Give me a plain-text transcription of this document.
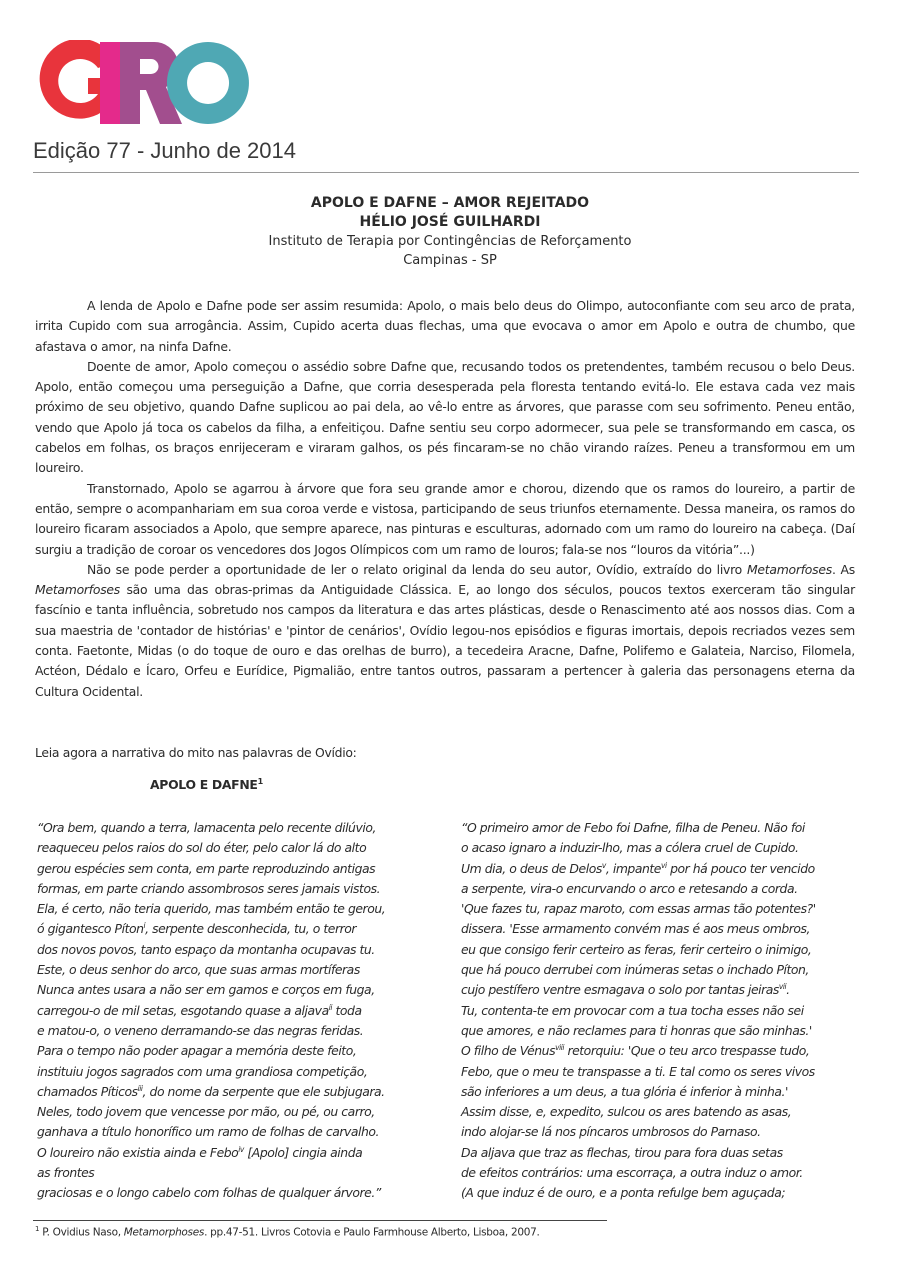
Edição 77 - Junho de 2014
APOLO E DAFNE – AMOR REJEITADO
HÉLIO JOSÉ GUILHARDI
Instituto de Terapia por Contingências de Reforçamento
Campinas - SP

A lenda de Apolo e Dafne pode ser assim resumida: Apolo, o mais belo deus do Olimpo, autoconfiante com seu arco de prata, irrita Cupido com sua arrogância. Assim, Cupido acerta duas flechas, uma que evocava o amor em Apolo e outra de chumbo, que afastava o amor, na ninfa Dafne.

Doente de amor, Apolo começou o assédio sobre Dafne que, recusando todos os pretendentes, também recusou o belo Deus. Apolo, então começou uma perseguição a Dafne, que corria desesperada pela floresta tentando evitá-lo. Ele estava cada vez mais próximo de seu objetivo, quando Dafne suplicou ao pai dela, ao vê-lo entre as árvores, que parasse com seu sofrimento. Peneu então, vendo que Apolo já toca os cabelos da filha, a enfeitiçou. Dafne sentiu seu corpo adormecer, sua pele se transformando em casca, os cabelos em folhas, os braços enrijeceram e viraram galhos, os pés fincaram-se no chão virando raízes. Peneu a transformou em um loureiro.

Transtornado, Apolo se agarrou à árvore que fora seu grande amor e chorou, dizendo que os ramos do loureiro, a partir de então, sempre o acompanhariam em sua coroa verde e vistosa, participando de seus triunfos eternamente. Dessa maneira, os ramos do loureiro ficaram associados a Apolo, que sempre aparece, nas pinturas e esculturas, adornado com um ramo do loureiro na cabeça. (Daí surgiu a tradição de coroar os vencedores dos Jogos Olímpicos com um ramo de louros; fala-se nos “louros da vitória”...)

Não se pode perder a oportunidade de ler o relato original da lenda do seu autor, Ovídio, extraído do livro Metamorfoses. As Metamorfoses são uma das obras-primas da Antiguidade Clássica. E, ao longo dos séculos, poucos textos exerceram tão singular fascínio e tanta influência, sobretudo nos campos da literatura e das artes plásticas, desde o Renascimento até aos nossos dias. Com a sua maestria de 'contador de histórias' e 'pintor de cenários', Ovídio legou-nos episódios e figuras imortais, depois recriados vezes sem conta. Faetonte, Midas (o do toque de ouro e das orelhas de burro), a tecedeira Aracne, Dafne, Polifemo e Galateia, Narciso, Filomela, Actéon, Dédalo e Ícaro, Orfeu e Eurídice, Pigmalião, entre tantos outros, passaram a pertencer à galeria das personagens eterna da Cultura Ocidental.

Leia agora a narrativa do mito nas palavras de Ovídio:
APOLO E DAFNE$^1$
“Ora bem, quando a terra, lamacenta pelo recente dilúvio,
reaqueceu pelos raios do sol do éter, pelo calor lá do alto
gerou espécies sem conta, em parte reproduzindo antigas
formas, em parte criando assombrosos seres jamais vistos.
Ela, é certo, não teria querido, mas também então te gerou,
ó gigantesco Píton$^i$, serpente desconhecida, tu, o terror
dos novos povos, tanto espaço da montanha ocupavas tu.
Este, o deus senhor do arco, que suas armas mortíferas
Nunca antes usara a não ser em gamos e corços em fuga,
carregou-o de mil setas, esgotando quase a aljava$^{ii}$ toda
e matou-o, o veneno derramando-se das negras feridas.
Para o tempo não poder apagar a memória deste feito,
instituiu jogos sagrados com uma grandiosa competição,
chamados Píticos$^{iii}$, do nome da serpente que ele subjugara.
Neles, todo jovem que vencesse por mão, ou pé, ou carro,
ganhava a título honorífico um ramo de folhas de carvalho.
O loureiro não existia ainda e Febo$^{iv}$ [Apolo] cingia ainda
as frontes
graciosas e o longo cabelo com folhas de qualquer árvore.”
“O primeiro amor de Febo foi Dafne, filha de Peneu. Não foi
o acaso ignaro a induzir-lho, mas a cólera cruel de Cupido.
Um dia, o deus de Delos$^v$, impante$^{vi}$ por há pouco ter vencido
a serpente, vira-o encurvando o arco e retesando a corda.
'Que fazes tu, rapaz maroto, com essas armas tão potentes?'
dissera. 'Esse armamento convém mas é aos meus ombros,
eu que consigo ferir certeiro as feras, ferir certeiro o inimigo,
que há pouco derrubei com inúmeras setas o inchado Píton,
cujo pestífero ventre esmagava o solo por tantas jeiras$^{vii}$.
Tu, contenta-te em provocar com a tua tocha esses não sei
que amores, e não reclames para ti honras que são minhas.'
O filho de Vénus$^{viii}$ retorquiu: 'Que o teu arco trespasse tudo,
Febo, que o meu te transpasse a ti. E tal como os seres vivos
são inferiores a um deus, a tua glória é inferior à minha.'
Assim disse, e, expedito, sulcou os ares batendo as asas,
indo alojar-se lá nos píncaros umbrosos do Parnaso.
Da aljava que traz as flechas, tirou para fora duas setas
de efeitos contrários: uma escorraça, a outra induz o amor.
(A que induz é de ouro, e a ponta refulge bem aguçada;
$^1$ P. Ovidius Naso, Metamorphoses. pp.47-51. Livros Cotovia e Paulo Farmhouse Alberto, Lisboa, 2007.
